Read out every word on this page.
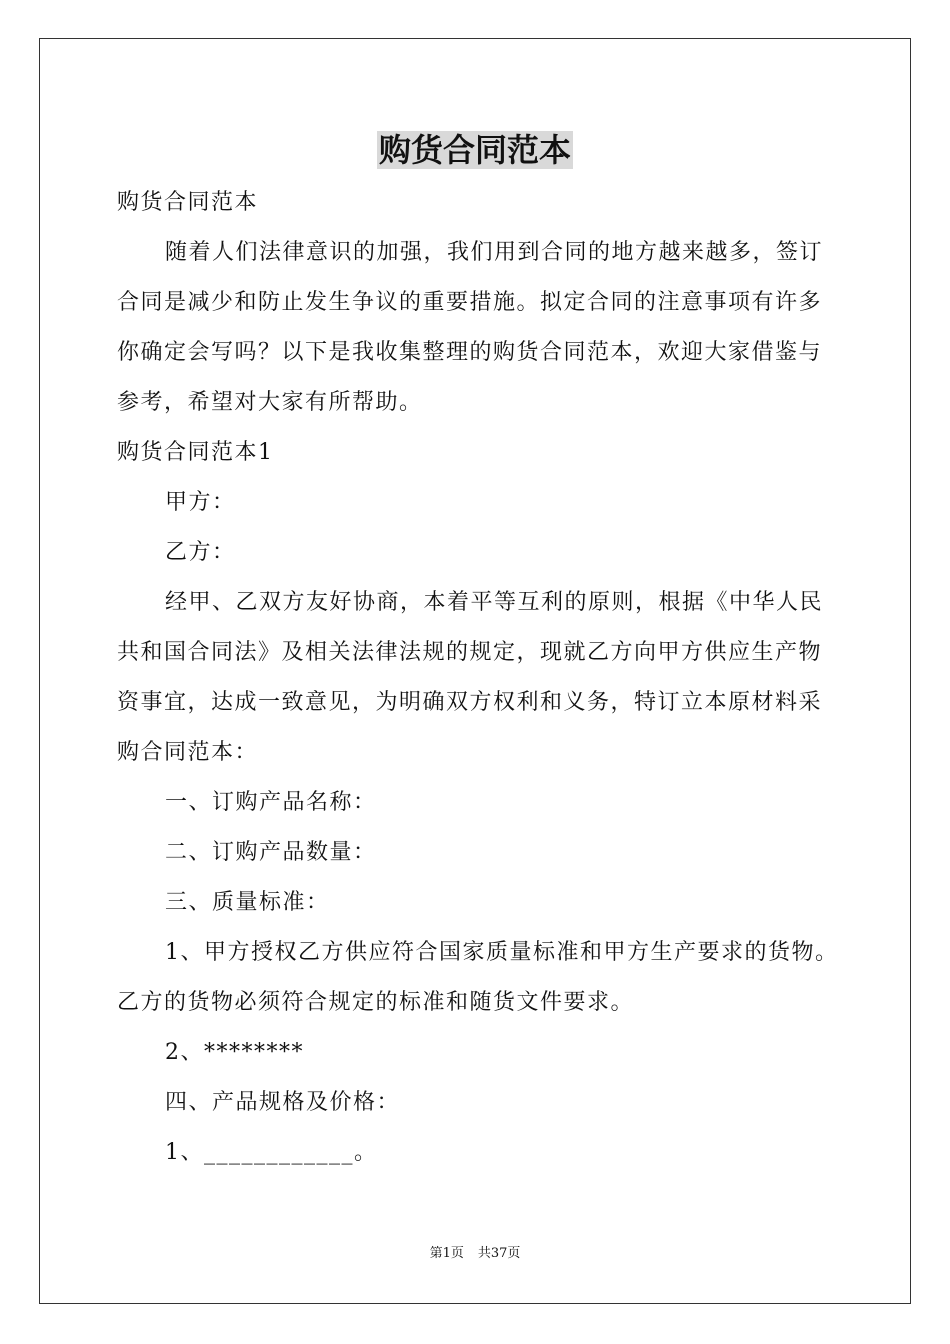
购货合同范本

购货合同范本

随着人们法律意识的加强，我们用到合同的地方越来越多，签订

合同是减少和防止发生争议的重要措施。拟定合同的注意事项有许多

你确定会写吗？以下是我收集整理的购货合同范本，欢迎大家借鉴与

参考，希望对大家有所帮助。

购货合同范本1

甲方：

乙方：

经甲、乙双方友好协商，本着平等互利的原则，根据《中华人民

共和国合同法》及相关法律法规的规定，现就乙方向甲方供应生产物

资事宜，达成一致意见，为明确双方权利和义务，特订立本原材料采

购合同范本：

一、订购产品名称：

二、订购产品数量：

三、质量标准：

1、甲方授权乙方供应符合国家质量标准和甲方生产要求的货物。

乙方的货物必须符合规定的标准和随货文件要求。

2、********

四、产品规格及价格：

1、____________。

第1页 共37页
